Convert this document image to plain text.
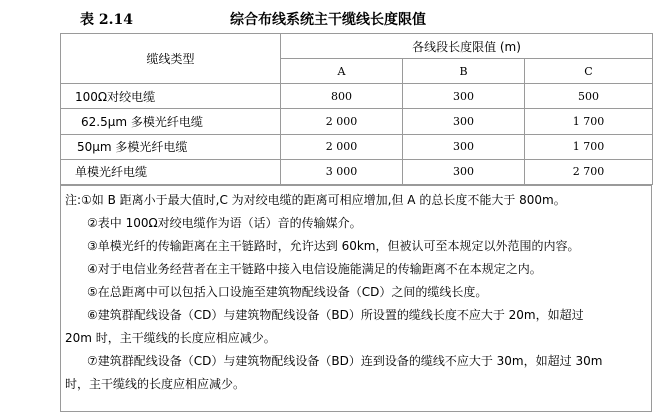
表 2.14	综合布线系统主干缆线长度限值
缆线类型	各线段长度限值 (m)		
	A	B	C
100Ω对绞电缆	800	300	500
62.5μm 多模光纤电缆	2 000	300	1 700
50μm 多模光纤电缆	2 000	300	1 700
单模光纤电缆	3 000	300	2 700
注:①如 B 距离小于最大值时,C 为对绞电缆的距离可相应增加,但 A 的总长度不能大于 800m。
②表中 100Ω对绞电缆作为语（话）音的传输媒介。
③单模光纤的传输距离在主干链路时，允许达到 60km，但被认可至本规定以外范围的内容。
④对于电信业务经营者在主干链路中接入电信设施能满足的传输距离不在本规定之内。
⑤在总距离中可以包括入口设施至建筑物配线设备（CD）之间的缆线长度。
⑥建筑群配线设备（CD）与建筑物配线设备（BD）所设置的缆线长度不应大于 20m，如超过
20m 时，主干缆线的长度应相应减少。
⑦建筑群配线设备（CD）与建筑物配线设备（BD）连到设备的缆线不应大于 30m，如超过 30m
时，主干缆线的长度应相应减少。
